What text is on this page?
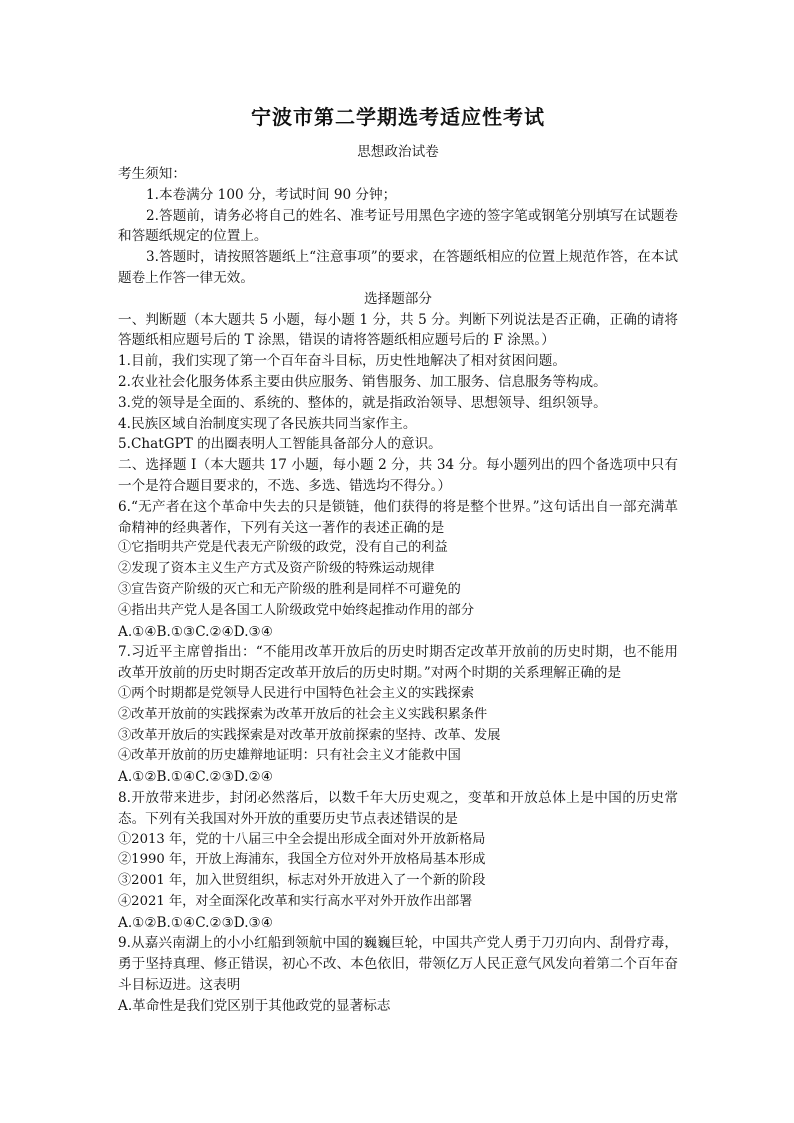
宁波市第二学期选考适应性考试
思想政治试卷

考生须知：

1.本卷满分 100 分，考试时间 90 分钟；

2.答题前，请务必将自己的姓名、准考证号用黑色字迹的签字笔或钢笔分别填写在试题卷和答题纸规定的位置上。

3.答题时，请按照答题纸上“注意事项”的要求，在答题纸相应的位置上规范作答，在本试题卷上作答一律无效。

选择题部分

一、判断题（本大题共 5 小题，每小题 1 分，共 5 分。判断下列说法是否正确，正确的请将答题纸相应题号后的 T 涂黑，错误的请将答题纸相应题号后的 F 涂黑。）

1.目前，我们实现了第一个百年奋斗目标，历史性地解决了相对贫困问题。

2.农业社会化服务体系主要由供应服务、销售服务、加工服务、信息服务等构成。

3.党的领导是全面的、系统的、整体的，就是指政治领导、思想领导、组织领导。

4.民族区域自治制度实现了各民族共同当家作主。

5.ChatGPT 的出圈表明人工智能具备部分人的意识。

二、选择题 I（本大题共 17 小题，每小题 2 分，共 34 分。每小题列出的四个备选项中只有一个是符合题目要求的，不选、多选、错选均不得分。）

6.“无产者在这个革命中失去的只是锁链，他们获得的将是整个世界。”这句话出自一部充满革命精神的经典著作，下列有关这一著作的表述正确的是

①它指明共产党是代表无产阶级的政党，没有自己的利益

②发现了资本主义生产方式及资产阶级的特殊运动规律

③宣告资产阶级的灭亡和无产阶级的胜利是同样不可避免的

④指出共产党人是各国工人阶级政党中始终起推动作用的部分

A.①④B.①③C.②④D.③④

7.习近平主席曾指出：“不能用改革开放后的历史时期否定改革开放前的历史时期，也不能用改革开放前的历史时期否定改革开放后的历史时期。”对两个时期的关系理解正确的是

①两个时期都是党领导人民进行中国特色社会主义的实践探索

②改革开放前的实践探索为改革开放后的社会主义实践积累条件

③改革开放后的实践探索是对改革开放前探索的坚持、改革、发展

④改革开放前的历史雄辩地证明：只有社会主义才能救中国

A.①②B.①④C.②③D.②④

8.开放带来进步，封闭必然落后，以数千年大历史观之，变革和开放总体上是中国的历史常态。下列有关我国对外开放的重要历史节点表述错误的是

①2013 年，党的十八届三中全会提出形成全面对外开放新格局

②1990 年，开放上海浦东，我国全方位对外开放格局基本形成

③2001 年，加入世贸组织，标志对外开放进入了一个新的阶段

④2021 年，对全面深化改革和实行高水平对外开放作出部署

A.①②B.①④C.②③D.③④

9.从嘉兴南湖上的小小红船到领航中国的巍巍巨轮，中国共产党人勇于刀刃向内、刮骨疗毒，勇于坚持真理、修正错误，初心不改、本色依旧，带领亿万人民正意气风发向着第二个百年奋斗目标迈进。这表明

A.革命性是我们党区别于其他政党的显著标志
